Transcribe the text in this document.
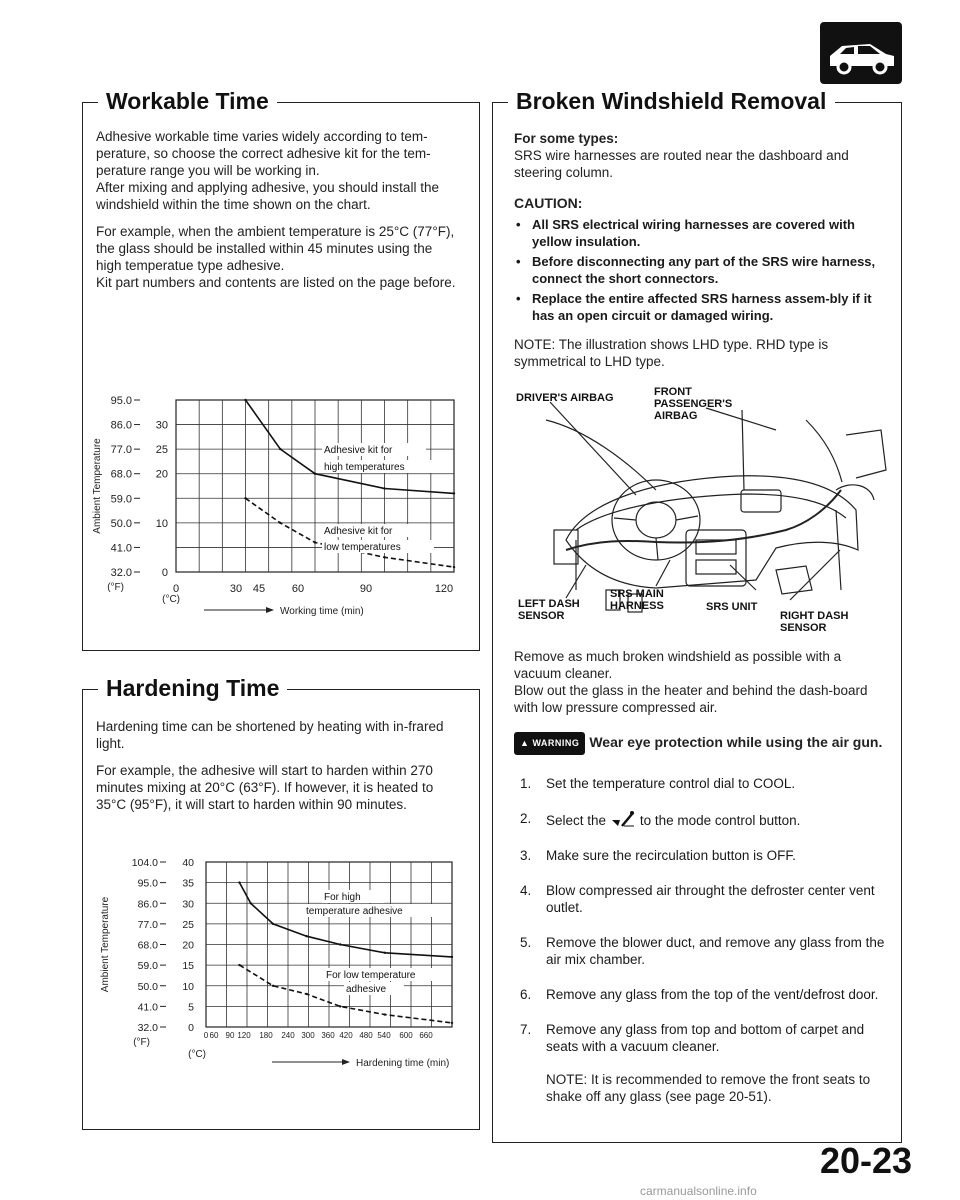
Workable Time

Adhesive workable time varies widely according to tem-perature, so choose the correct adhesive kit for the tem-perature range you will be working in.

After mixing and applying adhesive, you should install the windshield within the time shown on the chart.

For example, when the ambient temperature is 25°C (77°F), the glass should be installed within 45 minutes using the high temperatue type adhesive.

Kit part numbers and contents are listed on the page before.

95.0
86.0
77.0
68.0
59.0
50.0
41.0
32.0
30
25
20
10
0
Ambient Temperature
(°F)
(°C)
30 45 60	90	120
0
Working time (min)
Adhesive kit for
high temperatures
Adhesive kit for
low temperatures
Hardening Time

Hardening time can be shortened by heating with in-frared light.

For example, the adhesive will start to harden within 270 minutes mixing at 20°C (63°F). If however, it is heated to 35°C (95°F), it will start to harden within 90 minutes.

104.0
95.0
86.0
77.0
68.0
59.0
50.0
41.0
32.0
40
35
30
25
20
15
10
5
0
Ambient Temperature
(°F)
(°C)
60 90 120 180 240 300 360 420 480 540 600 660
0
Hardening time (min)
For high
temperature adhesive
For low temperature
adhesive
Broken Windshield Removal
For some types:

SRS wire harnesses are routed near the dashboard and steering column.

CAUTION:
• All SRS electrical wiring harnesses are covered with yellow insulation.
• Before disconnecting any part of the SRS wire harness, connect the short connectors.
• Replace the entire affected SRS harness assem-bly if it has an open circuit or damaged wiring.

NOTE: The illustration shows LHD type. RHD type is symmetrical to LHD type.

DRIVER'S AIRBAG	FRONT PASSENGER'S AIRBAG
LEFT DASH SENSOR
SRS MAIN HARNESS	SRS UNIT
RIGHT DASH SENSOR

Remove as much broken windshield as possible with a vacuum cleaner.

Blow out the glass in the heater and behind the dash-board with low pressure compressed air.

▲ WARNING Wear eye protection while using the air gun.

1.	Set the temperature control dial to COOL.
2.	Select the	to the mode control button.
3.	Make sure the recirculation button is OFF.
4.	Blow compressed air throught the defroster center vent outlet.
5.	Remove the blower duct, and remove any glass from the air mix chamber.
6.	Remove any glass from the top of the vent/defrost door.
7.	Remove any glass from top and bottom of carpet and seats with a vacuum cleaner.

NOTE: It is recommended to remove the front seats to shake off any glass (see page 20-51).

20-23
carmanualsonline.info
